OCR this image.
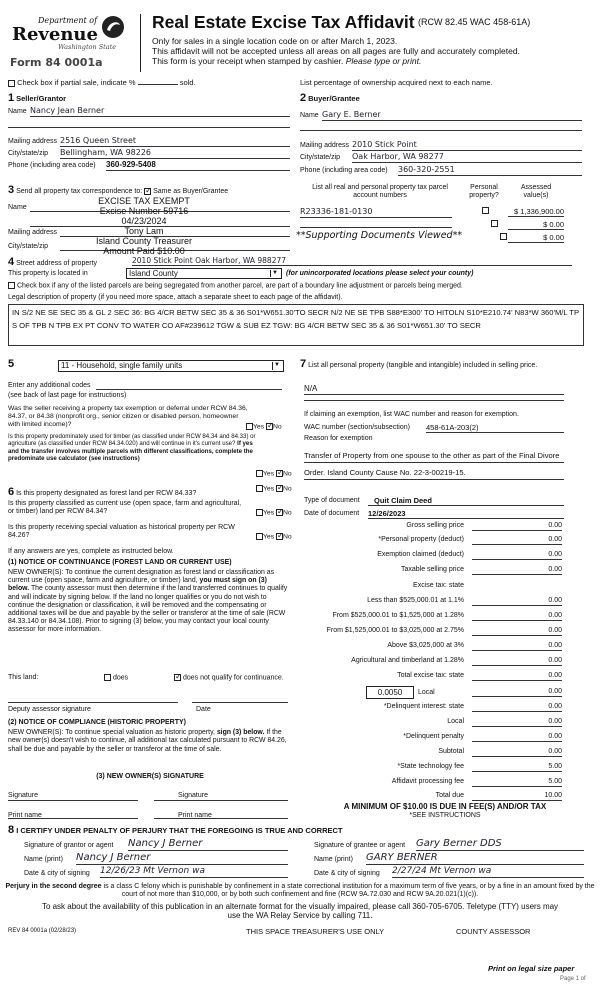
Department of
Revenue
Washington State
Form 84 0001a
Real Estate Excise Tax Affidavit (RCW 82.45 WAC 458-61A)
Only for sales in a single location code on or after March 1, 2023.
This affidavit will not be accepted unless all areas on all pages are fully and accurately completed.
This form is your receipt when stamped by cashier. Please type or print.
Check box if partial sale, indicate %	sold.	List percentage of ownership acquired next to each name.
1 Seller/Grantor
Name Nancy Jean Berner
Mailing address 2516 Queen Street
City/state/zip Bellingham, WA 98226
Phone (including area code) 360-929-5408
2 Buyer/Grantee
Name Gary E. Berner
Mailing address 2010 Stick Point
City/state/zip Oak Harbor, WA 98277
Phone (including area code) 360-320-2551
3 Send all property tax correspondence to: ✓ Same as Buyer/Grantee
Name
Mailing address
City/state/zip
EXCISE TAX EXEMPT
Excise Number 59716
04/23/2024
Tony Lam
Island County Treasurer
Amount Paid $10.00
List all real and personal property tax parcel account numbers
Personal property?
Assessed value(s)
R23336-181-0130
	$ 1,336,900.00

$ 0.00
**Supporting Documents Viewed**	$ 0.00
4 Street address of property	2010 Stick Point Oak Harbor, WA 988277
This property is located in	Island County	▼ (for unincorporated locations please select your county)
Check box if any of the listed parcels are being segregated from another parcel, are part of a boundary line adjustment or parcels being merged.
Legal description of property (if you need more space, attach a separate sheet to each page of the affidavit).
IN S/2 NE SE SEC 35 & GL 2 SEC 36: BG 4/CR BETW SEC 35 & 36 S01*W651.30'TO SECR N/2 NE SE TPB S88*E300' TO HITOLN S10*E210.74' N83*W 360'M/L TP S OF TPB N TPB EX PT CONV TO WATER CO AF#239612 TGW & SUB EZ TGW: BG 4/CR BETW SEC 35 & 36 S01*W651.30' TO SECR
5	11 - Household, single family units	▼
Enter any additional codes
(see back of last page for instructions)
Was the seller receiving a property tax exemption or deferral under RCW 84.36, 84.37, or 84.38 (nonprofit org., senior citizen or disabled person, homeowner with limited income)?	Yes ✓ No
Is this property predominately used for timber (as classified under RCW 84.34 and 84.33) or agriculture (as classified under RCW 84.34.020) and will continue in it's current use? If yes and the transfer involves multiple parcels with different classifications, complete the predominate use calculator (see instructions)
Yes ✓ No
6 Is this property designated as forest land per RCW 84.33?
Yes ✓ No
Is this property classified as current use (open space, farm and agricultural, or timber) land per RCW 84.34?	Yes ✓ No
Is this property receiving special valuation as historical property per RCW 84.26?	Yes ✓ No
If any answers are yes, complete as instructed below.
(1) NOTICE OF CONTINUANCE (FOREST LAND OR CURRENT USE)
NEW OWNER(S): To continue the current designation as forest land or classification as current use (open space, farm and agriculture, or timber) land, you must sign on (3) below. The county assessor must then determine if the land transferred continues to qualify and will indicate by signing below. If the land no longer qualifies or you do not wish to continue the designation or classification, it will be removed and the compensating or additional taxes will be due and payable by the seller or transferor at the time of sale (RCW 84.33.140 or 84.34.108). Prior to signing (3) below, you may contact your local county assessor for more information.
This land:	does ✓	does not qualify for continuance.
Deputy assessor signature	Date
(2) NOTICE OF COMPLIANCE (HISTORIC PROPERTY)
NEW OWNER(S): To continue special valuation as historic property, sign (3) below. If the new owner(s) doesn't wish to continue, all additional tax calculated pursuant to RCW 84.26, shall be due and payable by the seller or transferor at the time of sale.
(3) NEW OWNER(S) SIGNATURE
Signature	Signature
Print name	Print name
7 List all personal property (tangible and intangible) included in selling price.
N/A
If claiming an exemption, list WAC number and reason for exemption.
WAC number (section/subsection) 458-61A-203(2)
Reason for exemption
Transfer of Property from one spouse to the other as part of the Final Divore Order. Island County Cause No. 22-3-00219-15.
Type of document	Quit Claim Deed
Date of document 12/26/2023
Gross selling price	0.00
*Personal property (deduct)	0.00
Exemption claimed (deduct)	0.00
Taxable selling price	0.00
Excise tax: state
Less than $525,000.01 at 1.1%	0.00
From $525,000.01 to $1,525,000 at 1.28%	0.00
From $1,525,000.01 to $3,025,000 at 2.75%	0.00
Above $3,025,000 at 3%	0.00
Agricultural and timberland at 1.28%	0.00
Total excise tax: state	0.00
0.0050	Local	0.00
*Delinquent interest: state	0.00
Local	0.00
*Delinquent penalty	0.00
Subtotal	0.00
*State technology fee	5.00
Affidavit processing fee	5.00
Total due	10.00
A MINIMUM OF $10.00 IS DUE IN FEE(S) AND/OR TAX
*SEE INSTRUCTIONS
8 I CERTIFY UNDER PENALTY OF PERJURY THAT THE FOREGOING IS TRUE AND CORRECT
Signature of grantor or agent Nancy J Berner
Name (print) Nancy J Berner
Date & city of signing 12/26/23 Mt Vernon wa
Signature of grantee or agent Gary Berner DDS
Name (print) GARY BERNER
Date & city of signing 2/27/24 Mt Vernon wa
Perjury in the second degree is a class C felony which is punishable by confinement in a state correctional institution for a maximum term of five years, or by a fine in an amount fixed by the court of not more than $10,000, or by both such confinement and fine (RCW 9A.72.030 and RCW 9A.20.021(1)(c)).
To ask about the availability of this publication in an alternate format for the visually impaired, please call 360-705-6705. Teletype (TTY) users may use the WA Relay Service by calling 711.
REV 84 0001a (02/28/23)	THIS SPACE TREASURER'S USE ONLY	COUNTY ASSESSOR
Print on legal size paper
Page 1 of
